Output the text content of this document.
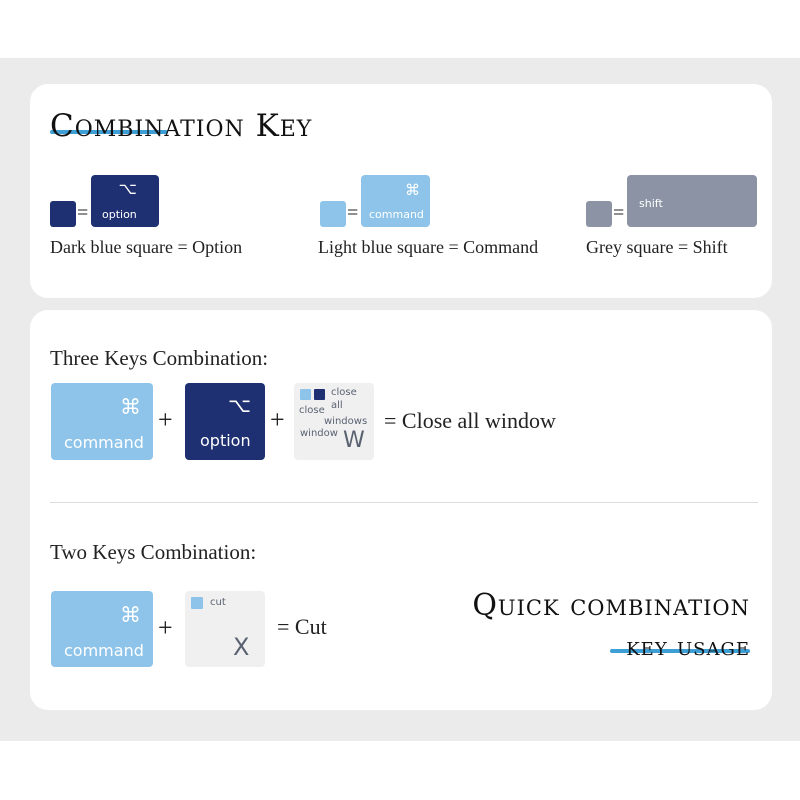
Combination Key
=
⌥
option
Dark blue square = Option
=
⌘
command
Light blue square = Command
= shift
Grey square = Shift
Three Keys Combination:
⌘
command
+	⌥
option
+
close
all
windows
close
window W
= Close all window
Two Keys Combination:
⌘
command
+
cut
X
= Cut
Quick combination
key usage
